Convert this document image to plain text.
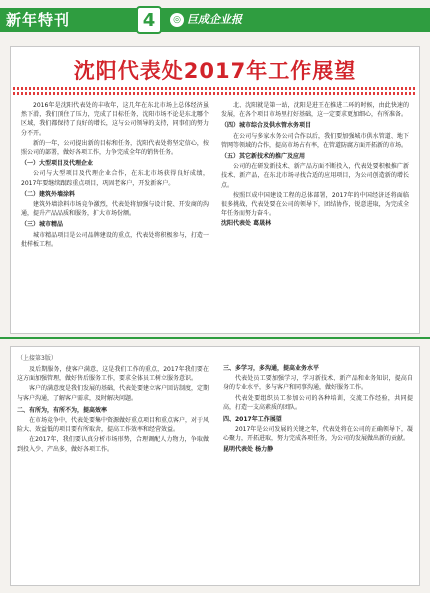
新年特刊	4	◎ 巨成企业报
沈阳代表处2017年工作展望

2016年是沈阳代表处的丰收年，这几年在东北市场上总体经济虽然下滑，我们顶住了压力，完成了目标任务，沈阳市场不论是东北哪个区域，我们都保持了良好的增长，这与公司领导的支持，同事们的努力分不开。

新的一年，公司提出新的目标和任务，沈阳代表处将坚定信心，按照公司的部署，做好各项工作，力争完成全年的销售任务。

（一）大型项目及代理企业

公司与大型项目及代理企业合作，在东北市场获得良好成绩，2017年要继续跟踪重点项目，巩固老客户，开发新客户。

（二）建筑外墙涂料

建筑外墙涂料市场竞争激烈，代表处将加强与设计院、开发商的沟通，提升产品品质和服务，扩大市场份额。

（三）城市精品

城市精品项目是公司品牌建设的重点，代表处将积极参与，打造一批样板工程。

北、沈阳就是第一站，沈阳是进王在推进二环的时候，由此快速的发展，在各个项目市场里打好基础，这一定要求更加细心，有所准备。

（四）城市综合及供水管水务项目

在公司与多家水务公司合作以后，我们要加强城市供水管道、地下管网等领域的合作，提高市场占有率，在管道防腐方面开拓新的市场。

（五）其它新技术的推广及应用

公司的在研发新技术、新产品方面不断投入，代表处要积极推广新技术、新产品，在东北市场寻找合适的应用项目，为公司创造新的增长点。

按照巨成中国建设工程的总体部署，2017年的中国经济还将面临很多挑战，代表处要在公司的领导下，团结协作，锐意进取，为完成全年任务而努力奋斗。

沈阳代表处 葛晟林

（上接第3版）

及后期服务，使客户满意，这是我们工作的重点，2017年我们要在这方面加强管理，做好售后服务工作，要求全体员工树立服务意识。

客户的满意度是我们发展的基础，代表处要建立客户回访制度，定期与客户沟通，了解客户需求，及时解决问题。

二、有所为，有所不为，提高效率

在市场竞争中，代表处要集中资源做好重点项目和重点客户，对于风险大、效益低的项目要有所取舍，提高工作效率和经营效益。

在2017年，我们要认真分析市场形势，合理调配人力物力，争取做到投入少、产出多，做好各项工作。

三、多学习，多沟通，提高业务水平

代表处员工要加强学习，学习新技术、新产品和业务知识，提高自身的专业水平，多与客户和同事沟通，做好服务工作。

代表处要组织员工参加公司的各种培训，交流工作经验，共同提高，打造一支高素质的团队。

四、2017年工作展望

2017年是公司发展的关键之年，代表处将在公司的正确领导下，凝心聚力，开拓进取，努力完成各项任务，为公司的发展做出新的贡献。

昆明代表处 杨力静
